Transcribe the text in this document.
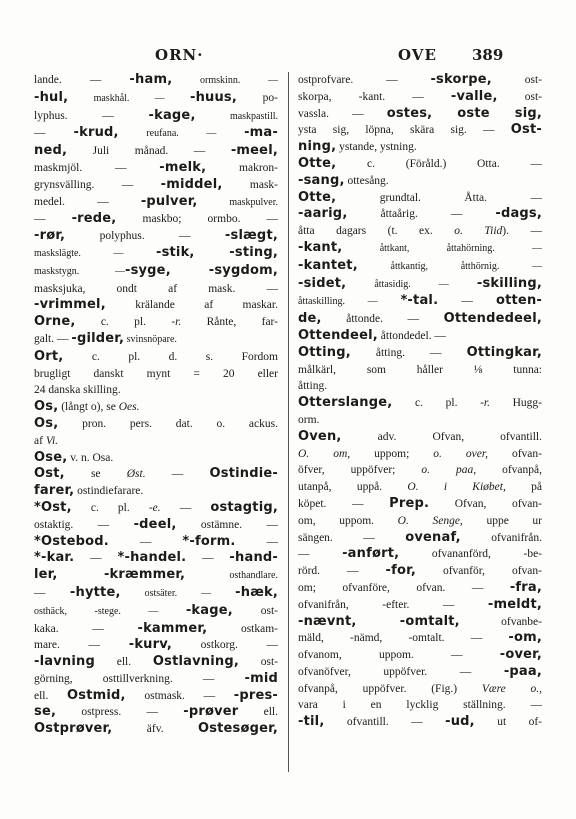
ORN·	OVE 389
lande. — -ham, ormskinn. —
-hul, maskhål. — -huus, po-
lyphus. — -kage, maskpastill.
— -krud, reufana. — -ma-
ned, Juli månad. — -meel,
maskmjöl. — -melk, makron-
grynsvälling. — -middel, mask-
medel. — -pulver, maskpulver.
— -rede, maskbo; ormbo. —
-rør, polyphus. — -slægt,
maskslägte. — -stik, -sting,
maskstygn. —-syge, -sygdom,
masksjuka, ondt af mask. —
-vrimmel, krälande af maskar.
Orne, c. pl. -r. Rånte, far-
galt. — -gilder, svinsnöpare.
Ort, c. pl. d. s. Fordom
brugligt danskt mynt = 20 eller
24 danska skilling.
Os, (långt o), se Oes.
Os, pron. pers. dat. o. ackus.
af Vi.
Ose, v. n. Osa.
Ost, se Øst. — Ostindie-
farer, ostindiefarare.
*Ost, c. pl. -e. — ostagtig,
ostaktig. — -deel, ostämne. —
*Ostebod. — *-form. —
*-kar. — *-handel. — -hand-
ler, -kræmmer, osthandlare.
— -hytte, ostsäter. — -hæk,
osthäck, -stege. — -kage, ost-
kaka. — -kammer, ostkam-
mare. — -kurv, ostkorg. —
-lavning ell. Ostlavning, ost-
görning, osttillverkning. — -mid
ell. Ostmid, ostmask. — -pres-
se, ostpress. — -prøver ell.
Ostprøver, äfv. Ostesøger,
ostprofvare. — -skorpe, ost-
skorpa, -kant. — -valle, ost-
vassla. — ostes, oste sig,
ysta sig, löpna, skära sig. — Ost-
ning, ystande, ystning.
Otte, c. (Föråld.) Otta. —
-sang, ottesång.
Otte, grundtal. Åtta. —
-aarig, åttaårig. — -dags,
åtta dagars (t. ex. o. Tiid). —
-kant, åttkant, åttahörning. —
-kantet, åttkantig, åtthörnig. —
-sidet, åttasidig. — -skilling,
åttaskilling. — *-tal. — otten-
de, åttonde. — Ottendedeel,
Ottendeel, åttondedel. —
Otting, åtting. — Ottingkar,
målkärl, som håller ⅛ tunna:
åtting.
Otterslange, c. pl. -r. Hugg-
orm.
Oven, adv. Ofvan, ofvantill.
O. om, uppom; o. over, ofvan-
öfver, uppöfver; o. paa, ofvanpå,
utanpå, uppå. O. i Kiøbet, på
köpet. — Prep. Ofvan, ofvan-
om, uppom. O. Senge, uppe ur
sängen. — ovenaf, ofvanifrån.
— -anført, ofvananförd, -be-
rörd. — -for, ofvanför, ofvan-
om; ofvanföre, ofvan. — -fra,
ofvanifrån, -efter. — -meldt,
-nævnt, -omtalt, ofvanbe-
mäld, -nämd, -omtalt. — -om,
ofvanom, uppom. — -over,
ofvanöfver, uppöfver. — -paa,
ofvanpå, uppöfver. (Fig.) Være o.,
vara i en lycklig ställning. —
-til, ofvantill. — -ud, ut of-
